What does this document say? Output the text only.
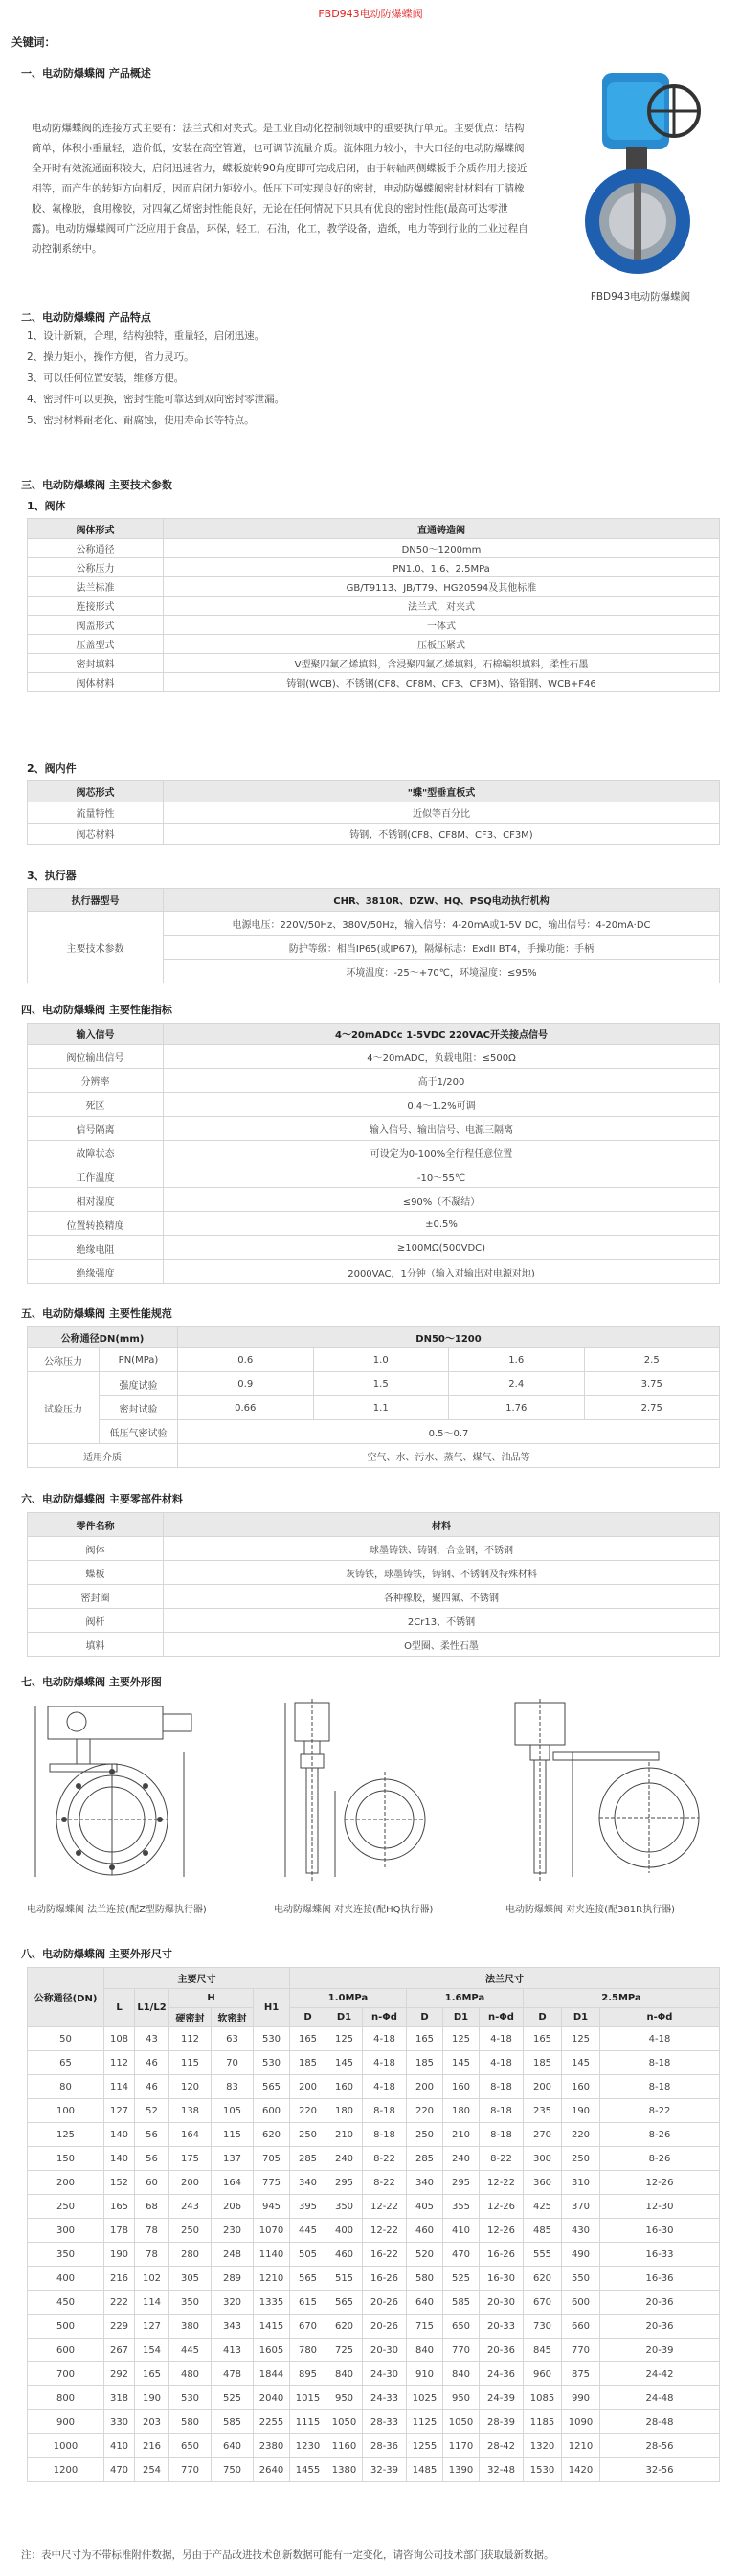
FBD943电动防爆蝶阀
关键词：
一、电动防爆蝶阀 产品概述
电动防爆蝶阀的连接方式主要有：法兰式和对夹式。是工业自动化控制领域中的重要执行单元。主要优点：结构简单，体积小重量轻，造价低，安装在高空管道，也可调节流量介质。流体阻力较小，中大口径的电动防爆蝶阀全开时有效流通面积较大，启闭迅速省力，蝶板旋转90角度即可完成启闭，由于转轴两侧蝶板手介质作用力接近相等，而产生的转矩方向相反，因而启闭力矩较小。低压下可实现良好的密封，电动防爆蝶阀密封材料有丁腈橡胶、氟橡胶，食用橡胶，对四氟乙烯密封性能良好，无论在任何情况下只具有优良的密封性能(最高可达零泄露)。电动防爆蝶阀可广泛应用于食品，环保，轻工，石油，化工，教学设备，造纸，电力等到行业的工业过程自动控制系统中。
FBD943电动防爆蝶阀
二、电动防爆蝶阀 产品特点
1、设计新颖，合理，结构独特，重量轻，启闭迅速。
2、操力矩小，操作方便，省力灵巧。
3、可以任何位置安装，维修方便。
4、密封件可以更换，密封性能可靠达到双向密封零泄漏。
5、密封材料耐老化、耐腐蚀，使用寿命长等特点。
三、电动防爆蝶阀 主要技术参数
1、阀体
阀体形式	直通铸造阀
公称通径	DN50～1200mm
公称压力	PN1.0、1.6、2.5MPa
法兰标准	GB/T9113、JB/T79、HG20594及其他标准
连接形式	法兰式，对夹式
阀盖形式	一体式
压盖型式	压板压紧式
密封填料	V型聚四氟乙烯填料，含浸聚四氟乙烯填料，石棉编织填料，柔性石墨
阀体材料	铸钢(WCB)、不锈钢(CF8、CF8M、CF3、CF3M)、铬钼钢、WCB+F46
2、阀内件
阀芯形式	"蝶"型垂直板式
流量特性	近似等百分比
阀芯材料	铸钢、不锈钢(CF8、CF8M、CF3、CF3M)
3、执行器
执行器型号	CHR、3810R、DZW、HQ、PSQ电动执行机构
主要技术参数	电源电压：220V/50Hz、380V/50Hz，输入信号：4-20mA或1-5V DC，输出信号：4-20mA·DC
	防护等级：相当IP65(或IP67)，隔爆标志：ExdII BT4，手操功能：手柄
	环境温度：-25～+70℃，环境湿度：≤95%
四、电动防爆蝶阀 主要性能指标
输入信号	4～20mADCc 1-5VDC 220VAC开关接点信号
阀位输出信号	4～20mADC，负载电阻：≤500Ω
分辨率	高于1/200
死区	0.4～1.2%可调
信号隔离	输入信号、输出信号、电源三隔离
故障状态	可设定为0-100%全行程任意位置
工作温度	-10～55℃
相对湿度	≤90%（不凝结）
位置转换精度	±0.5%
绝缘电阻	≥100MΩ(500VDC)
绝缘强度	2000VAC，1分钟（输入对输出对电源对地)
五、电动防爆蝶阀 主要性能规范
公称通径DN(mm)		DN50～1200			
公称压力	PN(MPa)	0.6	1.0	1.6	2.5
试验压力	强度试验	0.9	1.5	2.4	3.75
	密封试验	0.66	1.1	1.76	2.75
	低压气密试验	0.5～0.7			
适用介质		空气、水、污水、蒸气、煤气、油品等			
六、电动防爆蝶阀 主要零部件材料
零件名称	材料
阀体	球墨铸铁、铸钢，合金钢，不锈钢
蝶板	灰铸铁，球墨铸铁，铸钢、不锈钢及特殊材料
密封圈	各种橡胶，聚四氟、不锈钢
阀杆	2Cr13、不锈钢
填料	O型圈、柔性石墨
七、电动防爆蝶阀 主要外形图
电动防爆蝶阀 法兰连接(配Z型防爆执行器)	电动防爆蝶阀 对夹连接(配HQ执行器)	电动防爆蝶阀 对夹连接(配381R执行器)
八、电动防爆蝶阀 主要外形尺寸
公称通径(DN)	主要尺寸					法兰尺寸								
	L	L1/L2	H		H1	1.0MPa			1.6MPa			2.5MPa		
			硬密封	软密封		D	D1	n-Φd	D	D1	n-Φd	D	D1	n-Φd
50	108	43	112	63	530	165	125	4-18	165	125	4-18	165	125	4-18
65	112	46	115	70	530	185	145	4-18	185	145	4-18	185	145	8-18
80	114	46	120	83	565	200	160	4-18	200	160	8-18	200	160	8-18
100	127	52	138	105	600	220	180	8-18	220	180	8-18	235	190	8-22
125	140	56	164	115	620	250	210	8-18	250	210	8-18	270	220	8-26
150	140	56	175	137	705	285	240	8-22	285	240	8-22	300	250	8-26
200	152	60	200	164	775	340	295	8-22	340	295	12-22	360	310	12-26
250	165	68	243	206	945	395	350	12-22	405	355	12-26	425	370	12-30
300	178	78	250	230	1070	445	400	12-22	460	410	12-26	485	430	16-30
350	190	78	280	248	1140	505	460	16-22	520	470	16-26	555	490	16-33
400	216	102	305	289	1210	565	515	16-26	580	525	16-30	620	550	16-36
450	222	114	350	320	1335	615	565	20-26	640	585	20-30	670	600	20-36
500	229	127	380	343	1415	670	620	20-26	715	650	20-33	730	660	20-36
600	267	154	445	413	1605	780	725	20-30	840	770	20-36	845	770	20-39
700	292	165	480	478	1844	895	840	24-30	910	840	24-36	960	875	24-42
800	318	190	530	525	2040	1015	950	24-33	1025	950	24-39	1085	990	24-48
900	330	203	580	585	2255	1115	1050	28-33	1125	1050	28-39	1185	1090	28-48
1000	410	216	650	640	2380	1230	1160	28-36	1255	1170	28-42	1320	1210	28-56
1200	470	254	770	750	2640	1455	1380	32-39	1485	1390	32-48	1530	1420	32-56
注：表中尺寸为不带标准附件数据，另由于产品改进技术创新数据可能有一定变化，请咨询公司技术部门获取最新数据。
